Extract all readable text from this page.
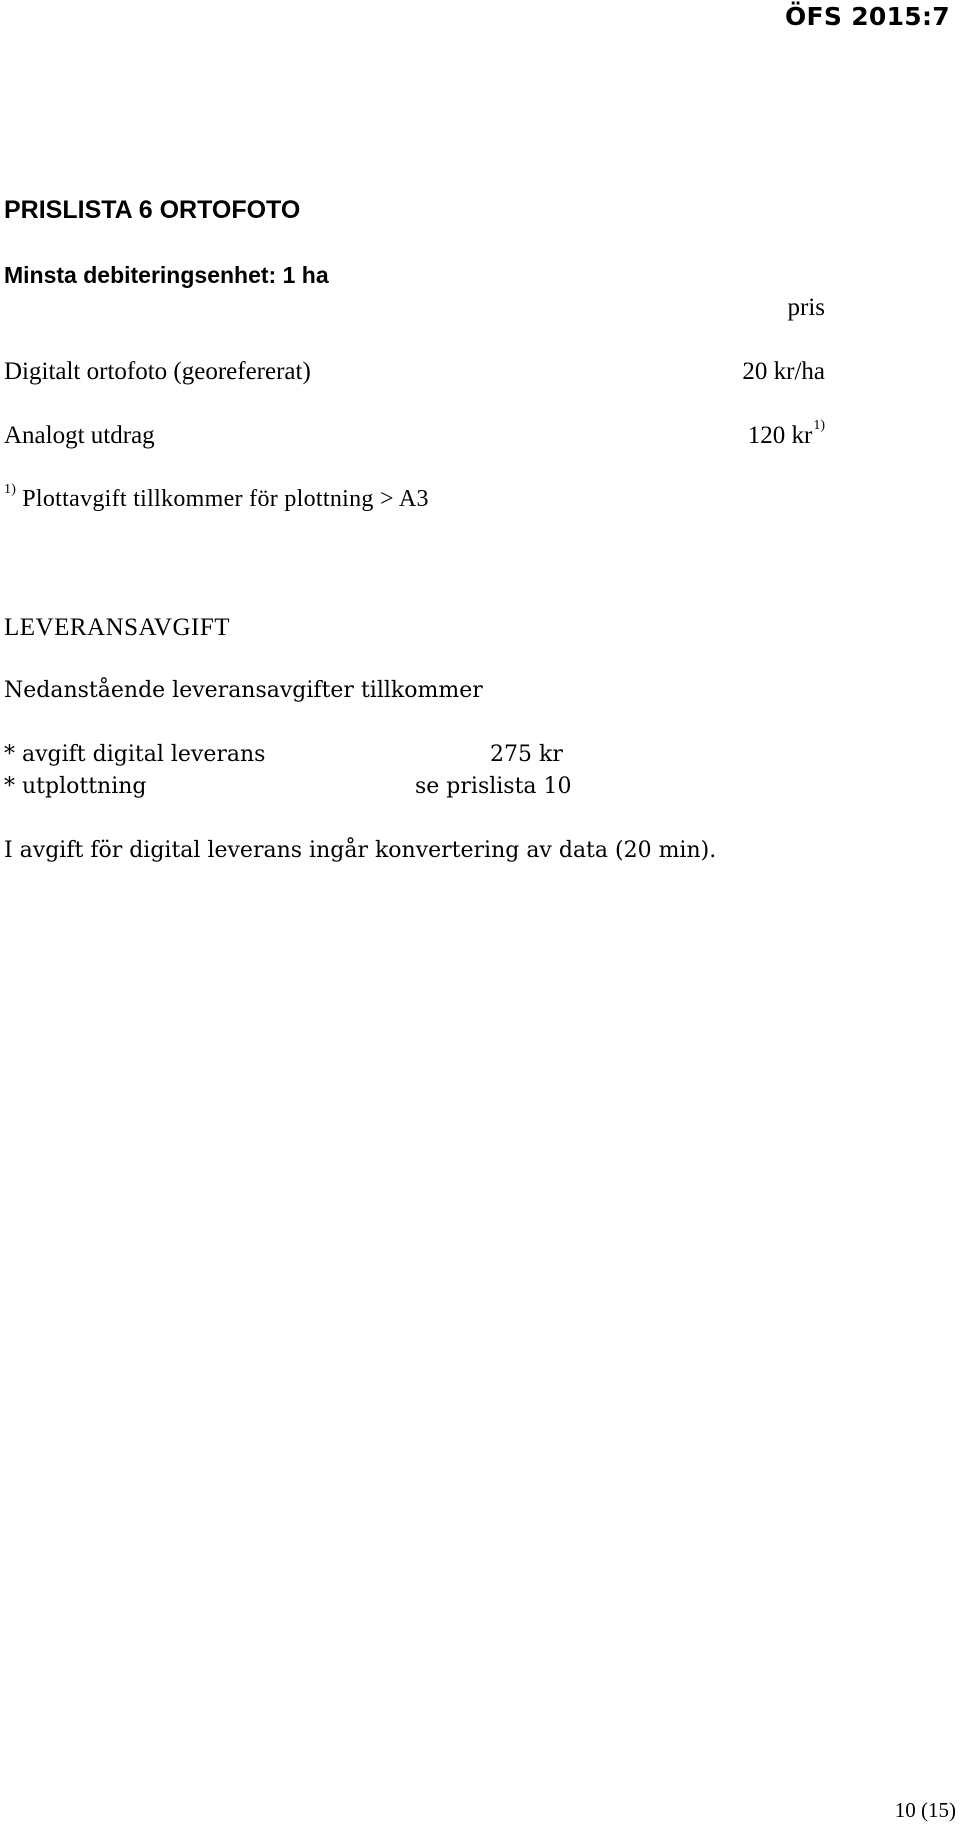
ÖFS 2015:7
PRISLISTA 6 ORTOFOTO
Minsta debiteringsenhet: 1 ha
pris
Digitalt ortofoto (georefererat)	20 kr/ha
Analogt utdrag	120 kr$^{1)}$
$^{1)}$ Plottavgift tillkommer för plottning > A3
LEVERANSAVGIFT
Nedanstående leveransavgifter tillkommer
* avgift digital leverans	275 kr
* utplottning	se prislista 10
I avgift för digital leverans ingår konvertering av data (20 min).
10 (15)
